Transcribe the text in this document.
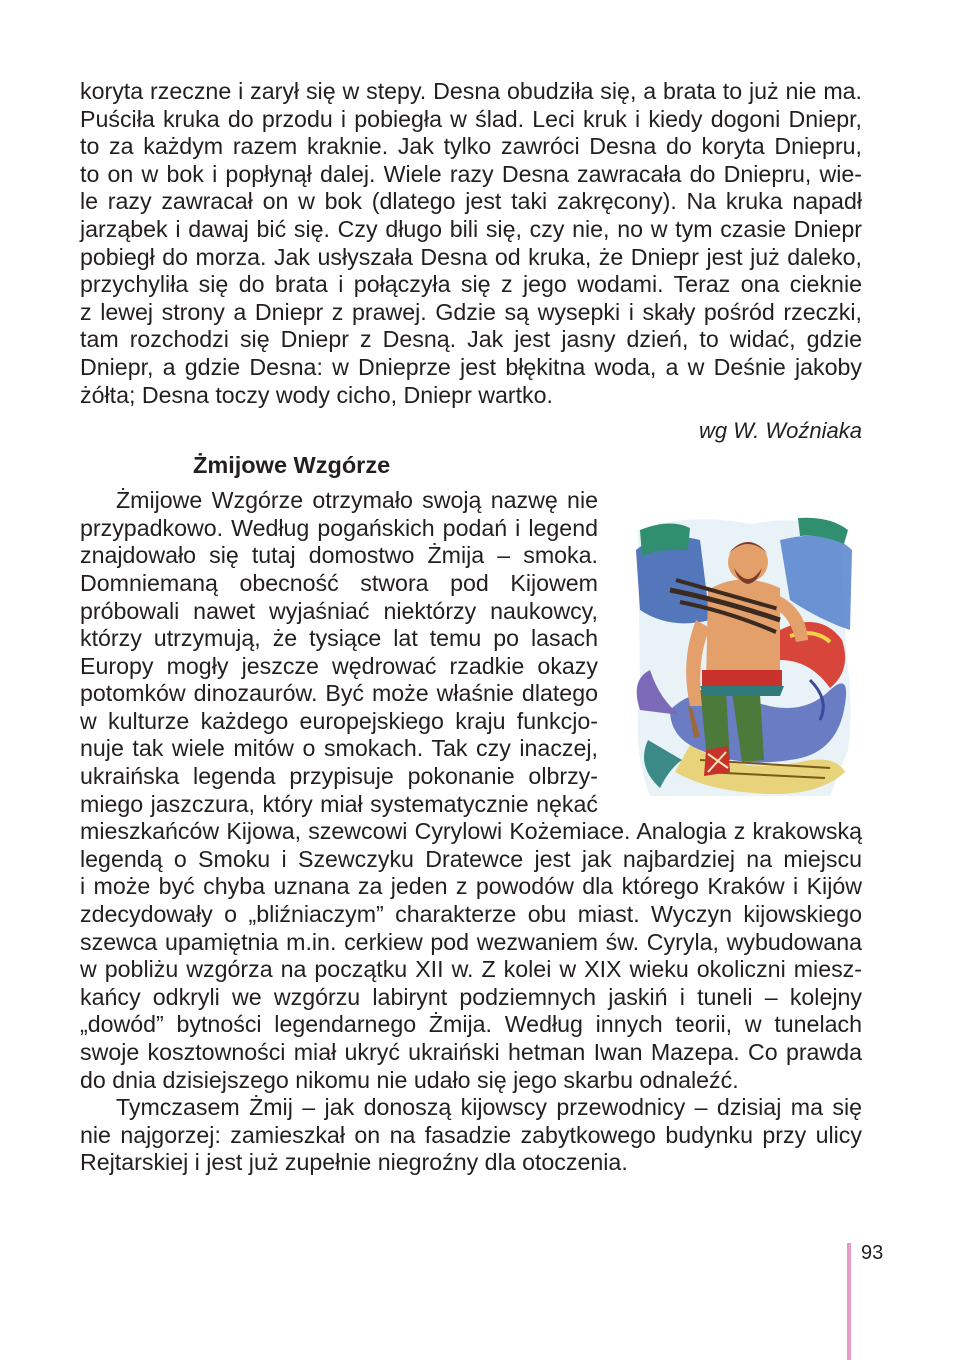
koryta rzeczne i zarył się w stepy. Desna obudziła się, a brata to już nie ma.
Puściła kruka do przodu i pobiegła w ślad. Leci kruk i kiedy dogoni Dniepr,
to za każdym razem kraknie. Jak tylko zawróci Desna do koryta Dniepru,
to on w bok i popłynął dalej. Wiele razy Desna zawracała do Dniepru, wie-
le razy zawracał on w bok (dlatego jest taki zakręcony). Na kruka napadł
jarząbek i dawaj bić się. Czy długo bili się, czy nie, no w tym czasie Dniepr
pobiegł do morza. Jak usłyszała Desna od kruka, że Dniepr jest już daleko,
przychyliła się do brata i połączyła się z jego wodami. Teraz ona cieknie
z lewej strony a Dniepr z prawej. Gdzie są wysepki i skały pośród rzeczki,
tam rozchodzi się Dniepr z Desną. Jak jest jasny dzień, to widać, gdzie
Dniepr, a gdzie Desna: w Dnieprze jest błękitna woda, a w Deśnie jakoby
żółta; Desna toczy wody cicho, Dniepr wartko.
wg W. Woźniaka
Żmijowe Wzgórze
Żmijowe Wzgórze otrzymało swoją nazwę nie
przypadkowo. Według pogańskich podań i legend
znajdowało się tutaj domostwo Żmija – smoka.
Domniemaną obecność stwora pod Kijowem
próbowali nawet wyjaśniać niektórzy naukowcy,
którzy utrzymują, że tysiące lat temu po lasach
Europy mogły jeszcze wędrować rzadkie okazy
potomków dinozaurów. Być może właśnie dlatego
w kulturze każdego europejskiego kraju funkcjo-
nuje tak wiele mitów o smokach. Tak czy inaczej,
ukraińska legenda przypisuje pokonanie olbrzy-
miego jaszczura, który miał systematycznie nękać
mieszkańców Kijowa, szewcowi Cyrylowi Kożemiace. Analogia z krakowską
legendą o Smoku i Szewczyku Dratewce jest jak najbardziej na miejscu
i może być chyba uznana za jeden z powodów dla którego Kraków i Kijów
zdecydowały o „bliźniaczym” charakterze obu miast. Wyczyn kijowskiego
szewca upamiętnia m.in. cerkiew pod wezwaniem św. Cyryla, wybudowana
w pobliżu wzgórza na początku XII w. Z kolei w XIX wieku okoliczni miesz-
kańcy odkryli we wzgórzu labirynt podziemnych jaskiń i tuneli – kolejny
„dowód” bytności legendarnego Żmija. Według innych teorii, w tunelach
swoje kosztowności miał ukryć ukraiński hetman Iwan Mazepa. Co prawda
do dnia dzisiejszego nikomu nie udało się jego skarbu odnaleźć.
Tymczasem Żmij – jak donoszą kijowscy przewodnicy – dzisiaj ma się
nie najgorzej: zamieszkał on na fasadzie zabytkowego budynku przy ulicy
Rejtarskiej i jest już zupełnie niegroźny dla otoczenia.
93
